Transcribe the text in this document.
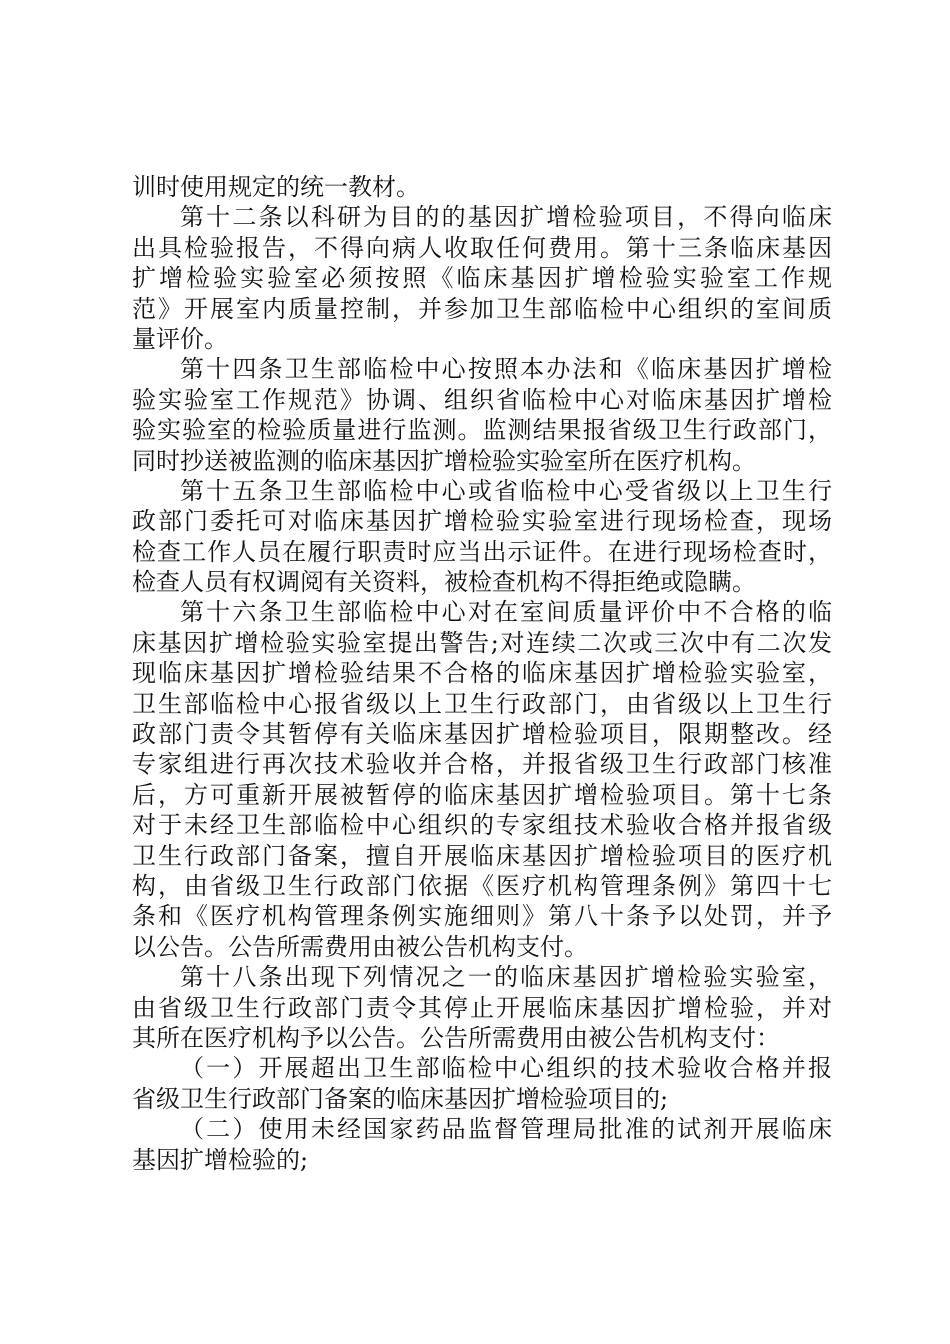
训时使用规定的统一教材。
第十二条以科研为目的的基因扩增检验项目，不得向临床
出具检验报告，不得向病人收取任何费用。第十三条临床基因
扩增检验实验室必须按照《临床基因扩增检验实验室工作规
范》开展室内质量控制，并参加卫生部临检中心组织的室间质
量评价。
第十四条卫生部临检中心按照本办法和《临床基因扩增检
验实验室工作规范》协调、组织省临检中心对临床基因扩增检
验实验室的检验质量进行监测。监测结果报省级卫生行政部门，
同时抄送被监测的临床基因扩增检验实验室所在医疗机构。
第十五条卫生部临检中心或省临检中心受省级以上卫生行
政部门委托可对临床基因扩增检验实验室进行现场检查，现场
检查工作人员在履行职责时应当出示证件。在进行现场检查时，
检查人员有权调阅有关资料，被检查机构不得拒绝或隐瞒。
第十六条卫生部临检中心对在室间质量评价中不合格的临
床基因扩增检验实验室提出警告;对连续二次或三次中有二次发
现临床基因扩增检验结果不合格的临床基因扩增检验实验室，
卫生部临检中心报省级以上卫生行政部门，由省级以上卫生行
政部门责令其暂停有关临床基因扩增检验项目，限期整改。经
专家组进行再次技术验收并合格，并报省级卫生行政部门核准
后，方可重新开展被暂停的临床基因扩增检验项目。第十七条
对于未经卫生部临检中心组织的专家组技术验收合格并报省级
卫生行政部门备案，擅自开展临床基因扩增检验项目的医疗机
构，由省级卫生行政部门依据《医疗机构管理条例》第四十七
条和《医疗机构管理条例实施细则》第八十条予以处罚，并予
以公告。公告所需费用由被公告机构支付。
第十八条出现下列情况之一的临床基因扩增检验实验室，
由省级卫生行政部门责令其停止开展临床基因扩增检验，并对
其所在医疗机构予以公告。公告所需费用由被公告机构支付：
（一）开展超出卫生部临检中心组织的技术验收合格并报
省级卫生行政部门备案的临床基因扩增检验项目的;
（二）使用未经国家药品监督管理局批准的试剂开展临床
基因扩增检验的;
